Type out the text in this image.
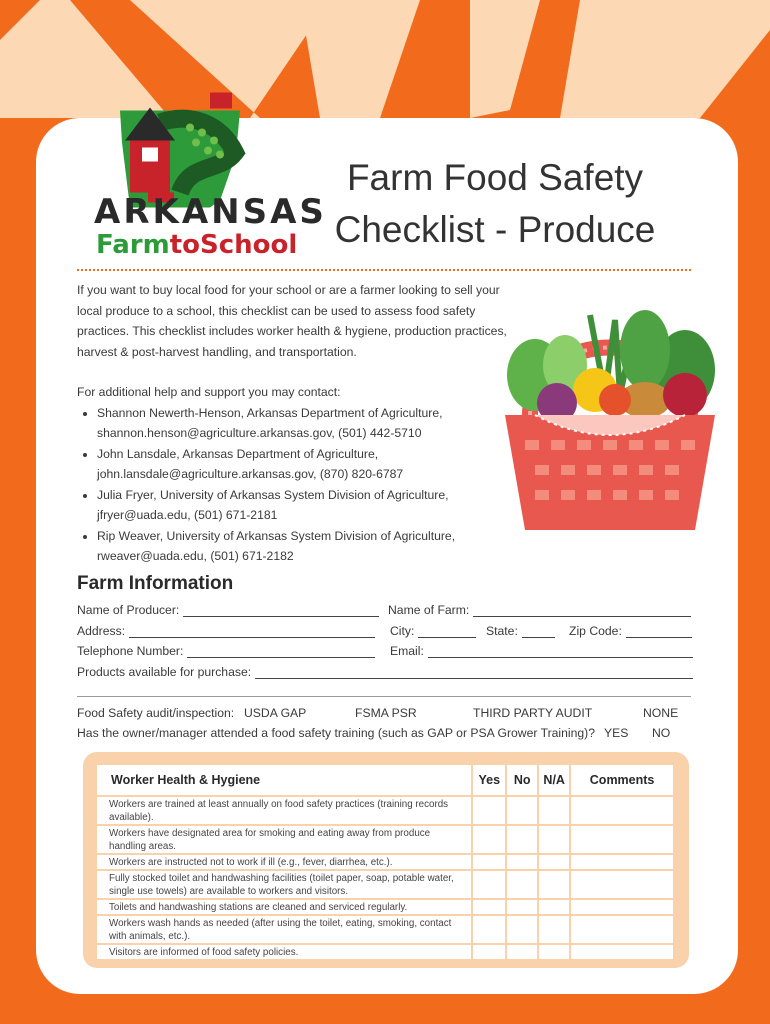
ARKANSAS
FarmtoSchool
Farm Food Safety
Checklist - Produce
If you want to buy local food for your school or are a farmer looking to sell your local produce to a school, this checklist can be used to assess food safety practices. This checklist includes worker health & hygiene, production practices, harvest & post-harvest handling, and transportation.
For additional help and support you may contact:
• Shannon Newerth-Henson, Arkansas Department of Agriculture,
shannon.henson@agriculture.arkansas.gov, (501) 442-5710
• John Lansdale, Arkansas Department of Agriculture,
john.lansdale@agriculture.arkansas.gov, (870) 820-6787
• Julia Fryer, University of Arkansas System Division of Agriculture,
jfryer@uada.edu, (501) 671-2181
• Rip Weaver, University of Arkansas System Division of Agriculture,
rweaver@uada.edu, (501) 671-2182
Farm Information
Name of Producer:	Name of Farm:
Address:	City:	State:	Zip Code:
Telephone Number:	Email:
Products available for purchase:
Food Safety audit/inspection: USDA GAP	FSMA PSR	THIRD PARTY AUDIT	NONE
Has the owner/manager attended a food safety training (such as GAP or PSA Grower Training)? YES NO
Worker Health & Hygiene	Yes	No	N/A	Comments
Workers are trained at least annually on food safety practices (training records available).				
Workers have designated area for smoking and eating away from produce handling areas.				
Workers are instructed not to work if ill (e.g., fever, diarrhea, etc.).				
Fully stocked toilet and handwashing facilities (toilet paper, soap, potable water, single use towels) are available to workers and visitors.				
Toilets and handwashing stations are cleaned and serviced regularly.				
Workers wash hands as needed (after using the toilet, eating, smoking, contact with animals, etc.).				
Visitors are informed of food safety policies.				
